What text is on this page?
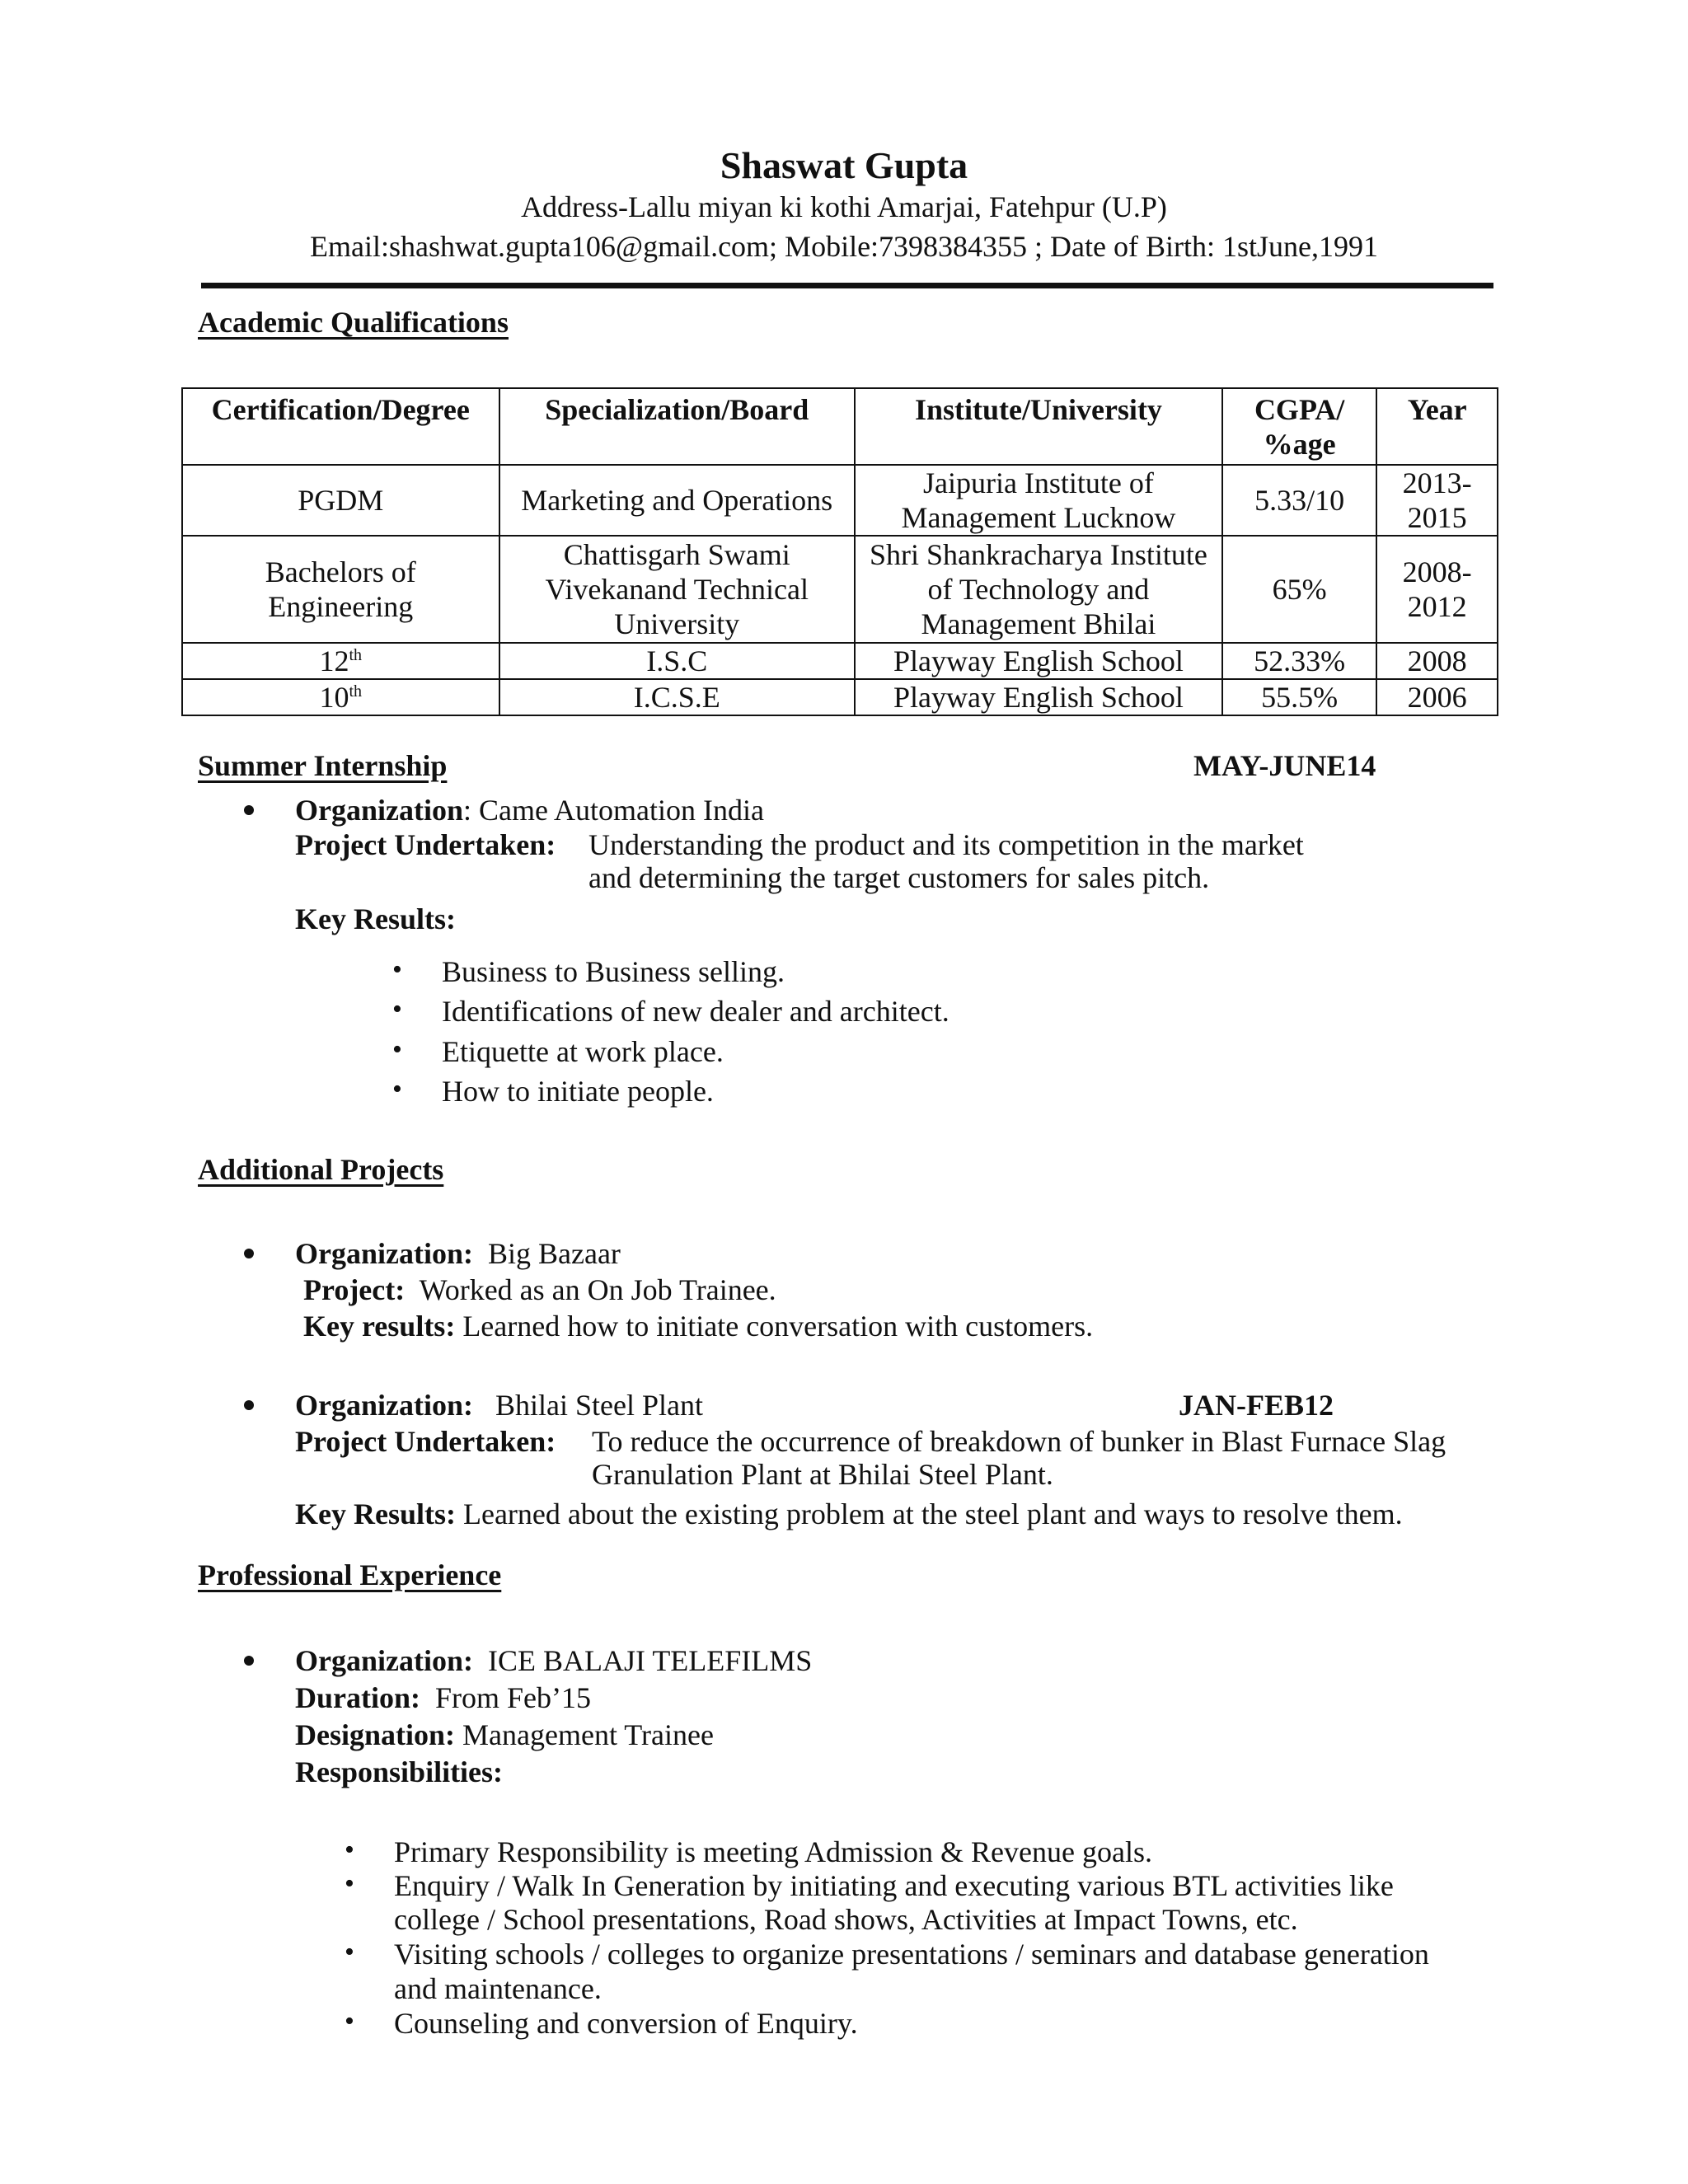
Shaswat Gupta
Address-Lallu miyan ki kothi Amarjai, Fatehpur (U.P)
Email:shashwat.gupta106@gmail.com; Mobile:7398384355 ; Date of Birth: 1stJune,1991
Academic Qualifications
Certification/Degree	Specialization/Board	Institute/University	CGPA/ %age	Year
PGDM	Marketing and Operations	Jaipuria Institute of Management Lucknow	5.33/10	2013- 2015

Bachelors of Engineering	Chattisgarh Swami Vivekanand Technical University	Shri Shankracharya Institute of Technology and Management Bhilai	65%	2008- 2012

12th	I.S.C	Playway English School	52.33%	2008
10th	I.C.S.E	Playway English School	55.5%	2006
Summer Internship	MAY-JUNE14
Organization: Came Automation India
Project Undertaken: Understanding the product and its competition in the market
and determining the target customers for sales pitch.
Key Results:
• Business to Business selling.
• Identifications of new dealer and architect.
• Etiquette at work place.
• How to initiate people.
Additional Projects
Organization: Big Bazaar
Project: Worked as an On Job Trainee.
Key results: Learned how to initiate conversation with customers.
Organization: Bhilai Steel Plant	JAN-FEB12
Project Undertaken: To reduce the occurrence of breakdown of bunker in Blast Furnace Slag
Granulation Plant at Bhilai Steel Plant.
Key Results: Learned about the existing problem at the steel plant and ways to resolve them.
Professional Experience
Organization: ICE BALAJI TELEFILMS
Duration: From Feb’15
Designation: Management Trainee
Responsibilities:
• Primary Responsibility is meeting Admission & Revenue goals.
• Enquiry / Walk In Generation by initiating and executing various BTL activities like
college / School presentations, Road shows, Activities at Impact Towns, etc.
• Visiting schools / colleges to organize presentations / seminars and database generation
and maintenance.
• Counseling and conversion of Enquiry.
